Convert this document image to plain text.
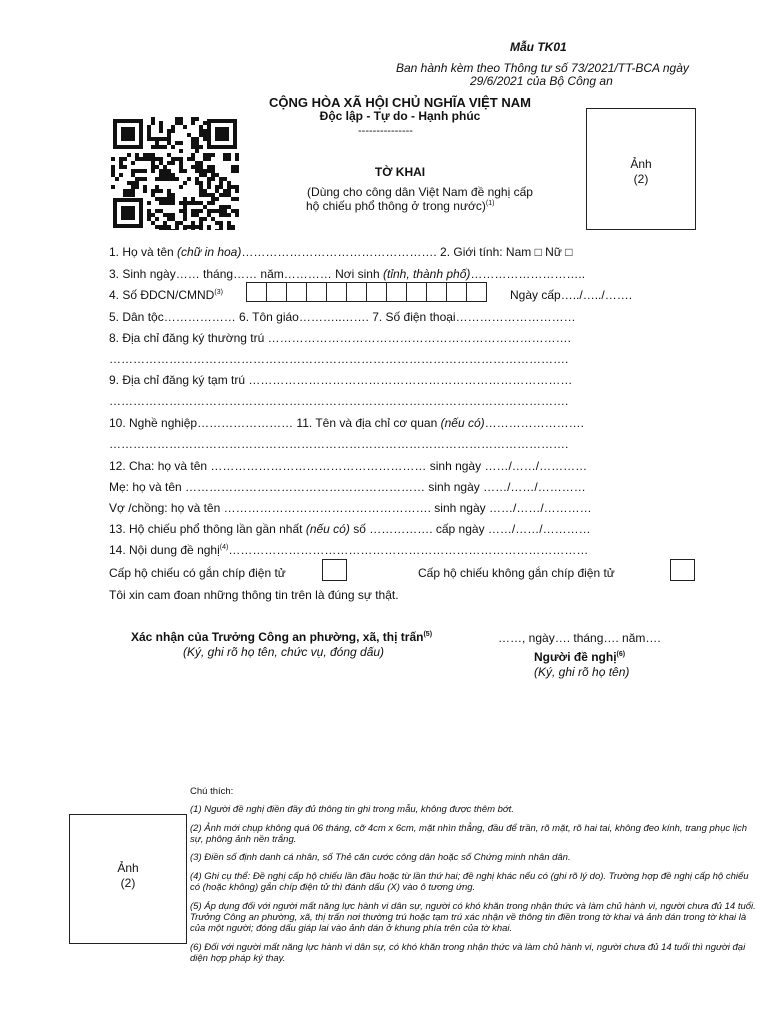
Mẫu TK01
Ban hành kèm theo Thông tư số 73/2021/TT-BCA ngày
29/6/2021 của Bộ Công an
CỘNG HÒA XÃ HỘI CHỦ NGHĨA VIỆT NAM
Độc lập - Tự do - Hạnh phúc
---------------
TỜ KHAI
(Dùng cho công dân Việt Nam đề nghị cấp
hộ chiếu phổ thông ở trong nước)$^{(1)}$
Ảnh
(2)
1. Họ và tên (chữ in hoa)…………………………………………. 2. Giới tính: Nam □ Nữ □
3. Sinh ngày…… tháng…… năm………… Nơi sinh (tỉnh, thành phố)………………………..
4. Số ĐDCN/CMND$^{(3)}$	Ngày cấp…../…../…….
5. Dân tộc……………… 6. Tôn giáo………..……. 7. Số điện thoại…………………………
8. Địa chỉ đăng ký thường trú ………………………………………………………………….
…………………………………………………………………………………………………….
9. Địa chỉ đăng ký tạm trú ………………………………………………………………………
…………………………………………………………………………………………………….
10. Nghề nghiệp…………………… 11. Tên và địa chỉ cơ quan (nếu có)…………………….
…………………………………………………………………………………………………….
12. Cha: họ và tên ……………………………………………… sinh ngày ……/……/…………
Mẹ: họ và tên …………………………………………………… sinh ngày ……/……/…………
Vợ /chồng: họ và tên ……………………………………………. sinh ngày ……/……/…………
13. Hộ chiếu phổ thông lần gần nhất (nếu có) số ……………. cấp ngày ……/……/…………
14. Nội dung đề nghị$^{(4)}$………………………………………………………………………………
Cấp hộ chiếu có gắn chíp điện tử	Cấp hộ chiếu không gắn chíp điện tử
Tôi xin cam đoan những thông tin trên là đúng sự thật.
Xác nhận của Trưởng Công an phường, xã, thị trấn$^{(5)}$
(Ký, ghi rõ họ tên, chức vụ, đóng dấu)
……, ngày…. tháng…. năm….
Người đề nghị$^{(6)}$
(Ký, ghi rõ họ tên)
Ảnh
(2)
Chú thích:
(1) Người đề nghị điền đầy đủ thông tin ghi trong mẫu, không được thêm bớt.
(2) Ảnh mới chụp không quá 06 tháng, cỡ 4cm x 6cm, mặt nhìn thẳng, đầu để trần, rõ mặt, rõ hai tai, không đeo kính, trang phục lịch sự, phông ảnh nền trắng.
(3) Điền số định danh cá nhân, số Thẻ căn cước công dân hoặc số Chứng minh nhân dân.
(4) Ghi cụ thể: Đề nghị cấp hộ chiếu lần đầu hoặc từ lần thứ hai; đề nghị khác nếu có (ghi rõ lý do). Trường hợp đề nghị cấp hộ chiếu có (hoặc không) gắn chíp điện tử thì đánh dấu (X) vào ô tương ứng.
(5) Áp dụng đối với người mất năng lực hành vi dân sự, người có khó khăn trong nhận thức và làm chủ hành vi, người chưa đủ 14 tuổi. Trưởng Công an phường, xã, thị trấn nơi thường trú hoặc tạm trú xác nhận về thông tin điền trong tờ khai và ảnh dán trong tờ khai là của một người; đóng dấu giáp lai vào ảnh dán ở khung phía trên của tờ khai.
(6) Đối với người mất năng lực hành vi dân sự, có khó khăn trong nhận thức và làm chủ hành vi, người chưa đủ 14 tuổi thì người đại diện hợp pháp ký thay.
